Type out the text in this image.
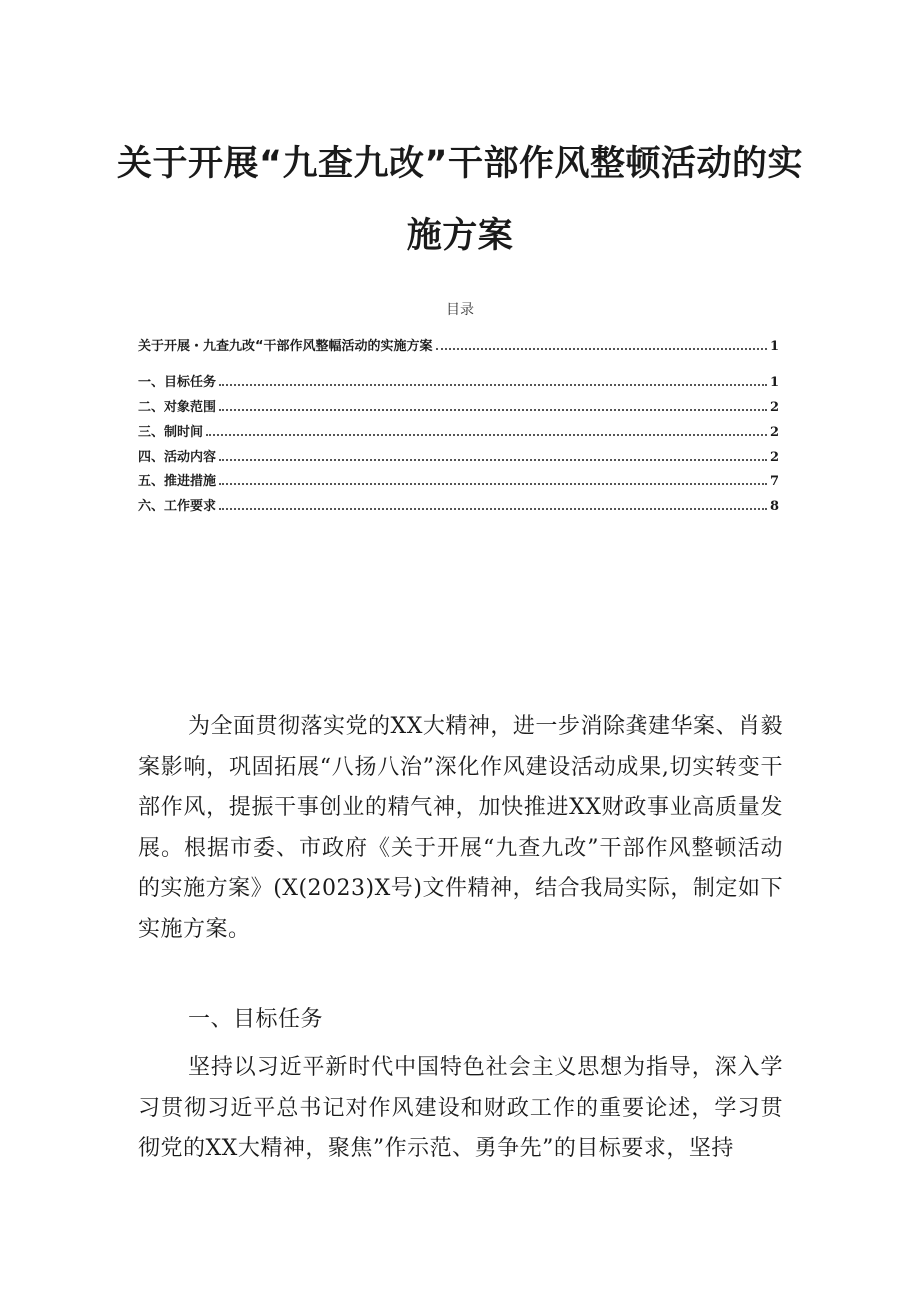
关于开展“九查九改”干部作风整顿活动的实
施方案
目录
关于开展・九查九改“干部作风整幅活动的实施方案	1
一、目标任务	1
二、对象范围	2
三、制时间	2
四、活动内容	2
五、推进措施	7
六、工作要求	8

为全面贯彻落实党的XX大精神，进一步消除龚建华案、肖毅案影响，巩固拓展“八扬八治”深化作风建设活动成果,切实转变干部作风，提振干事创业的精气神，加快推进XX财政事业高质量发展。根据市委、市政府《关于开展“九查九改”干部作风整顿活动的实施方案》(X(2023)X号)文件精神，结合我局实际，制定如下实施方案。

一、目标任务

坚持以习近平新时代中国特色社会主义思想为指导，深入学习贯彻习近平总书记对作风建设和财政工作的重要论述，学习贯彻党的XX大精神，聚焦”作示范、勇争先”的目标要求，坚持
